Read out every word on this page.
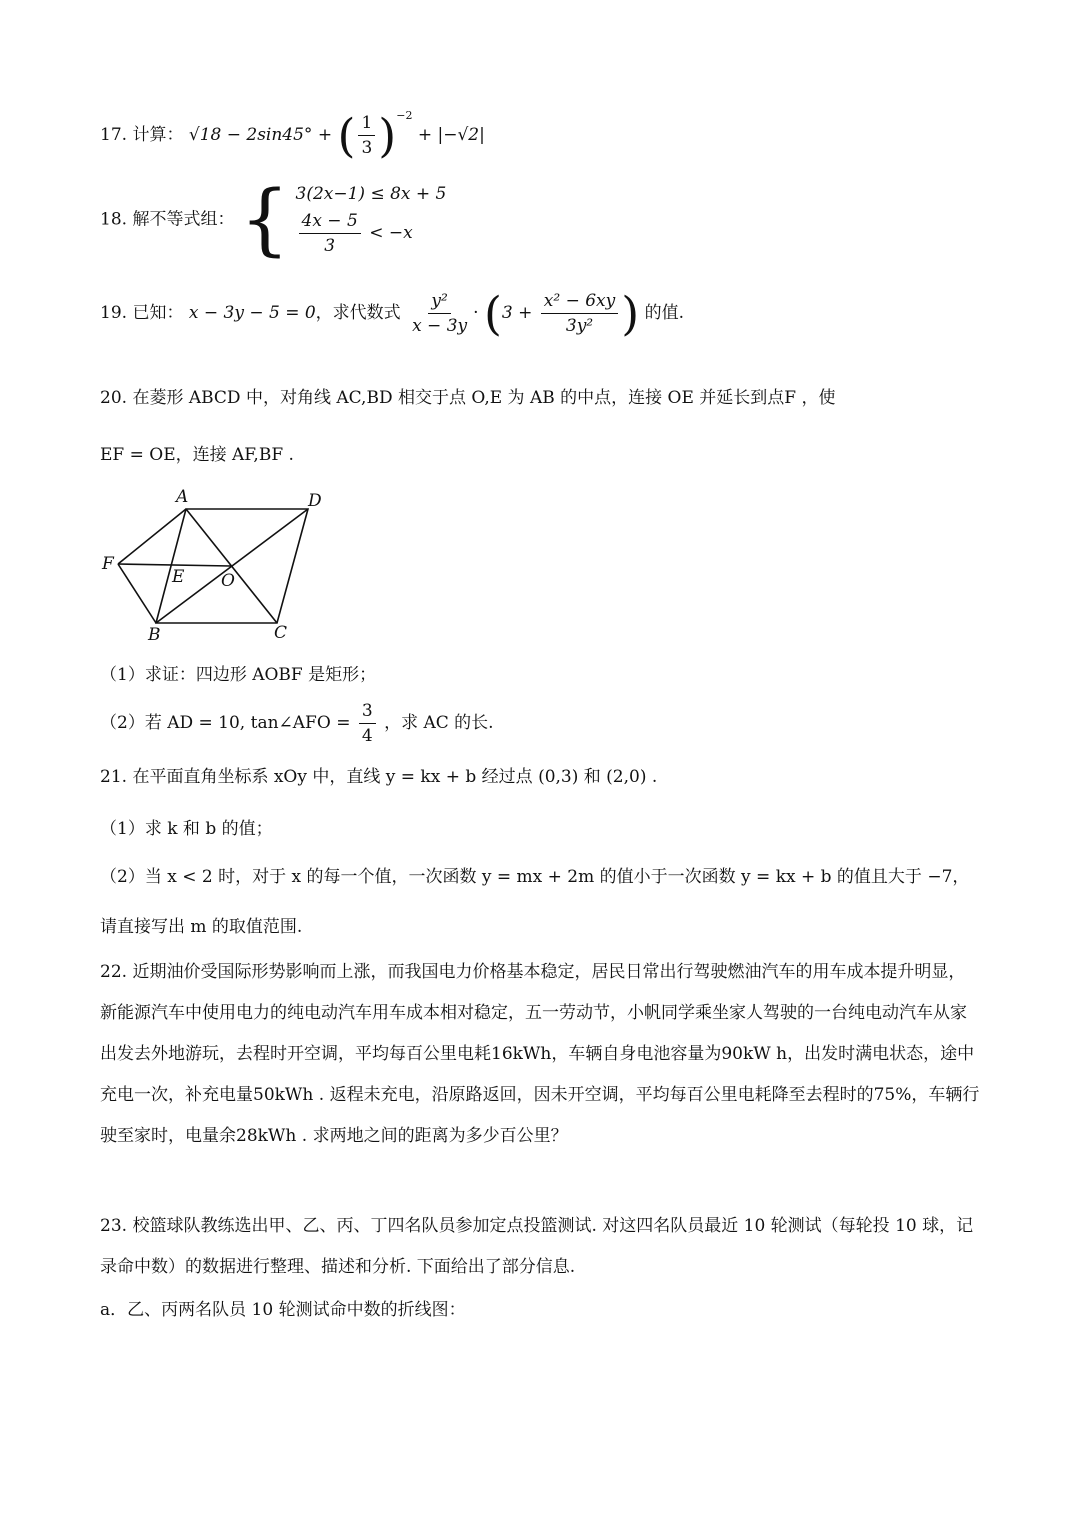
17. 计算： √18 − 2sin45° + ( $\frac{1}{3} )^{-2} + |-√2|$
18. 解不等式组： { 3(2x−1) ≤ 8x + 5
$\frac{4x - 5}{3} < -x$
19. 已知： x − 3y − 5 = 0，求代数式 $\frac{\text{y²}}{x - 3y} \cdot (3 + \frac{\text{x² − 6xy}}{\text{3y²}}$ ) 的值.
20. 在菱形 ABCD 中，对角线 AC,BD 相交于点 O,E 为 AB 的中点，连接 OE 并延长到点F ，使
EF = OE，连接 AF,BF .
A	D
F
E O
B	C
（1）求证：四边形 AOBF 是矩形；
（2）若 AD = 10, tan∠AFO = $\frac{3}{4}$ ，求 AC 的长.
21. 在平面直角坐标系 xOy 中，直线 y = kx + b 经过点 (0,3) 和 (2,0) .
（1）求 k 和 b 的值；
（2）当 x < 2 时，对于 x 的每一个值，一次函数 y = mx + 2m 的值小于一次函数 y = kx + b 的值且大于 −7，
请直接写出 m 的取值范围.
22. 近期油价受国际形势影响而上涨，而我国电力价格基本稳定，居民日常出行驾驶燃油汽车的用车成本提升明显，新能源汽车中使用电力的纯电动汽车用车成本相对稳定，五一劳动节，小帆同学乘坐家人驾驶的一台纯电动汽车从家出发去外地游玩，去程时开空调，平均每百公里电耗16kWh，车辆自身电池容量为90kW h，出发时满电状态，途中充电一次，补充电量50kWh . 返程未充电，沿原路返回，因未开空调，平均每百公里电耗降至去程时的75%，车辆行驶至家时，电量余28kWh . 求两地之间的距离为多少百公里？
23. 校篮球队教练选出甲、乙、丙、丁四名队员参加定点投篮测试. 对这四名队员最近 10 轮测试（每轮投 10 球，记录命中数）的数据进行整理、描述和分析. 下面给出了部分信息.
a．乙、丙两名队员 10 轮测试命中数的折线图：
